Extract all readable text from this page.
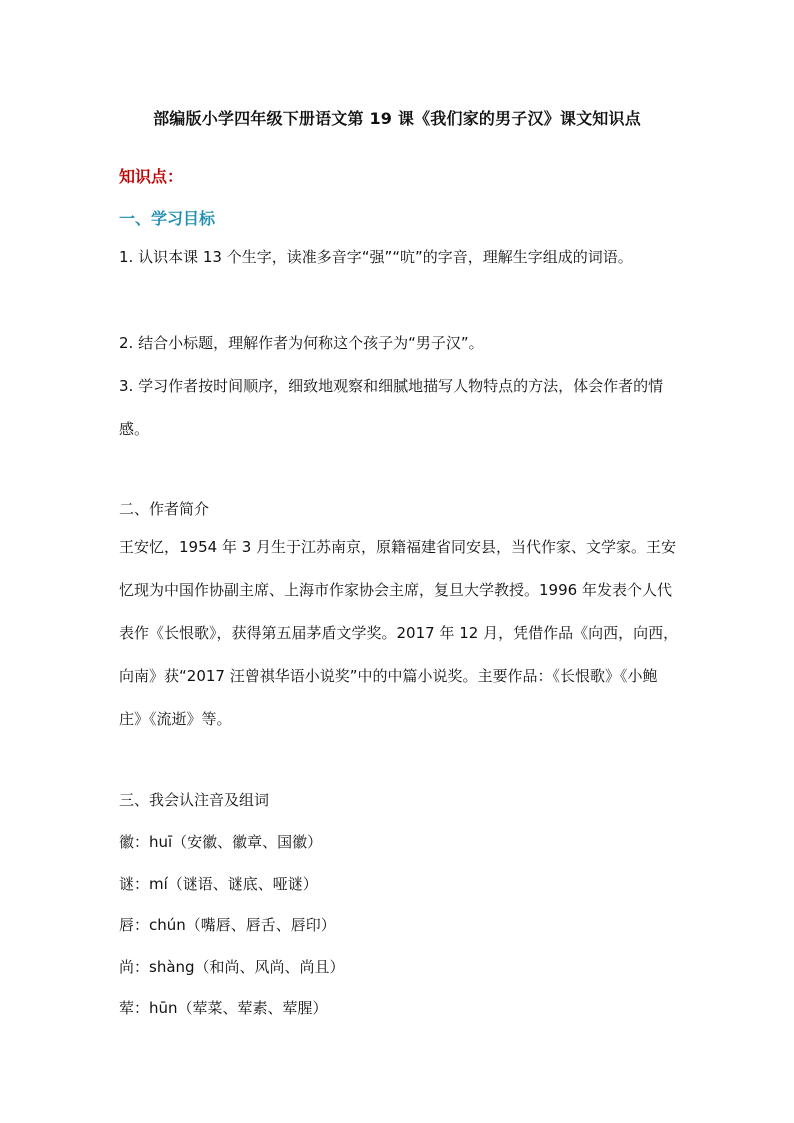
部编版小学四年级下册语文第 19 课《我们家的男子汉》课文知识点
知识点：
一、学习目标

1. 认识本课 13 个生字，读准多音字“强”“吭”的字音，理解生字组成的词语。

2. 结合小标题，理解作者为何称这个孩子为“男子汉”。

3. 学习作者按时间顺序，细致地观察和细腻地描写人物特点的方法，体会作者的情感。

二、作者简介

王安忆，1954 年 3 月生于江苏南京，原籍福建省同安县，当代作家、文学家。王安忆现为中国作协副主席、上海市作家协会主席，复旦大学教授。1996 年发表个人代表作《长恨歌》，获得第五届茅盾文学奖。2017 年 12 月，凭借作品《向西，向西，向南》获“2017 汪曾祺华语小说奖”中的中篇小说奖。主要作品：《长恨歌》《小鲍庄》《流逝》等。

三、我会认注音及组词
徽：huī（安徽、徽章、国徽）
谜：mí（谜语、谜底、哑谜）
唇：chún（嘴唇、唇舌、唇印）
尚：shàng（和尚、风尚、尚且）
荤：hūn（荤菜、荤素、荤腥）
